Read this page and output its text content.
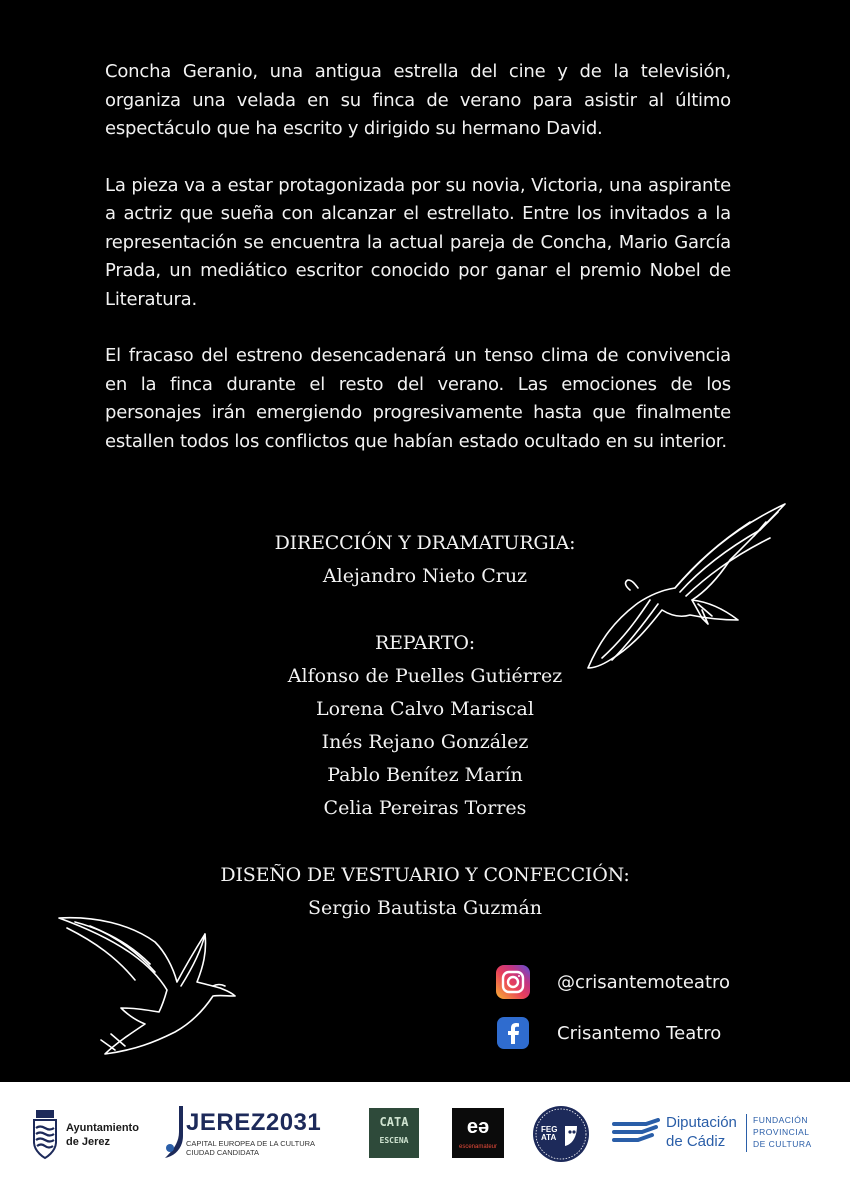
Concha Geranio, una antigua estrella del cine y de la televisión, organiza una velada en su finca de verano para asistir al último espectáculo que ha escrito y dirigido su hermano David.

La pieza va a estar protagonizada por su novia, Victoria, una aspirante a actriz que sueña con alcanzar el estrellato. Entre los invitados a la representación se encuentra la actual pareja de Concha, Mario García Prada, un mediático escritor conocido por ganar el premio Nobel de Literatura.

El fracaso del estreno desencadenará un tenso clima de convivencia en la finca durante el resto del verano. Las emociones de los personajes irán emergiendo progresivamente hasta que finalmente estallen todos los conflictos que habían estado ocultado en su interior.

DIRECCIÓN Y DRAMATURGIA:
Alejandro Nieto Cruz
REPARTO:
Alfonso de Puelles Gutiérrez
Lorena Calvo Mariscal
Inés Rejano González
Pablo Benítez Marín
Celia Pereiras Torres
DISEÑO DE VESTUARIO Y CONFECCIÓN:
Sergio Bautista Guzmán
@crisantemoteatro
Crisantemo Teatro
Ayuntamiento
de Jerez
JEREZ2031
CAPITAL EUROPEA DE LA CULTURA
CIUDAD CANDIDATA
CATA
ESCENA
eə
escenamateur
FEGATA
Diputación
de Cádiz
FUNDACIÓN
PROVINCIAL
DE CULTURA
